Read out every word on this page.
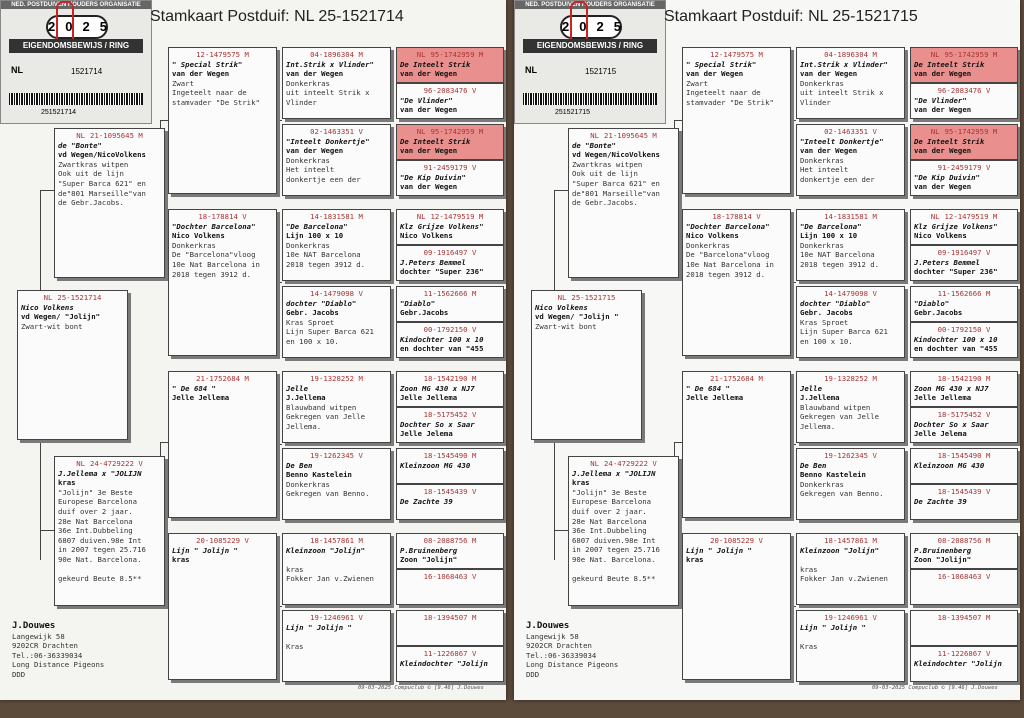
NED. POSTDUIVEN HOUDERS ORGANISATIE
2025
EIGENDOMSBEWIJS / RING
NL	1521714
251521714
Stamkaart Postduif: NL 25-1521714
NL 25-1521714
Nico Volkens
vd Wegen/ "Jolijn"
Zwart-wit bont
NL 21-1095645 M
de "Bonte"
vd Wegen/NicoVolkens
Zwartkras witpen
Ook uit de lijn
"Super Barca 621" en
de"801 Marseille"van
de Gebr.Jacobs.
NL 24-4729222 V
J.Jellema x "JOLIJN
kras
"Jolijn" 3e Beste
Europese Barcelona
duif over 2 jaar.
28e Nat Barcelona
36e Int.Dubbeling
6807 duiven.98e Int
in 2007 tegen 25.716
90e Nat. Barcelona.

gekeurd Beute 8.5**
12-1479575 M
" Special Strik"
van der Wegen
Zwart
Ingeteelt naar de
stamvader "De Strik"
18-178814 V
"Dochter Barcelona"
Nico Volkens
Donkerkras
De "Barcelona"vloog
10e Nat Barcelona in
2018 tegen 3912 d.
21-1752684 M
" De 684 "
Jelle Jellema
20-1085229 V
Lijn " Jolijn "
kras
04-1896304 M
Int.Strik x Vlinder"
van der Wegen
Donkerkras
uit inteelt Strik x
Vlinder
02-1463351 V
"Inteelt Donkertje"
van der Wegen
Donkerkras
Het inteelt
donkertje een der
14-1831581 M
"De Barcelona"
Lijn 100 x 10
Donkerkras
10e NAT Barcelona
2018 tegen 3912 d.
14-1479098 V
dochter "Diablo"
Gebr. Jacobs
Kras Sproet
Lijn Super Barca 621
en 100 x 10.
19-1328252 M
Jelle
J.Jellema
Blauwband witpen
Gekregen van Jelle
Jellema.
19-1262345 V
De Ben
Benno Kastelein
Donkerkras
Gekregen van Benno.
18-1457861 M
Kleinzoon "Jolijn"

kras
Fokker Jan v.Zwienen
19-1246961 V
Lijn " Jolijn "

Kras
NL 95-1742959 M
De Inteelt Strik
van der Wegen
96-2083476 V
"De Vlinder"
van der Wegen
NL 95-1742959 M
De Inteelt Strik
van der Wegen
91-2459179 V
"De Kip Duivin"
van der Wegen
NL 12-1479519 M
Klz Grijze Volkens"
Nico Volkens
09-1916497 V
J.Peters Bemmel
dochter "Super 236"
11-1562666 M
"Diablo"
Gebr.Jacobs
00-1792150 V
Kindochter 100 x 10
en dochter van "455
18-1542190 M
Zoon MG 430 x NJ7
Jelle Jellema
18-5175452 V
Dochter So x Saar
Jelle Jelema
18-1545490 M
Kleinzoon MG 430
18-1545439 V
De Zachte 39
08-2088756 M
P.Bruinenberg
Zoon "Jolijn"
16-1068463 V
18-1394507 M
11-1226867 V
Kleindochter "Jolijn
J.Douwes
Langewijk 58
9202CR Drachten
Tel.:06-36339034
Long Distance Pigeons
DDD
09-03-2025 Compuclub © [9.46] J.Douwes
NED. POSTDUIVEN HOUDERS ORGANISATIE
2025
EIGENDOMSBEWIJS / RING
NL	1521715
251521715
Stamkaart Postduif: NL 25-1521715
NL 25-1521715
Nico Volkens
vd Wegen/ "Jolijn "
Zwart-wit bont
NL 21-1095645 M
de "Bonte"
vd Wegen/NicoVolkens
Zwartkras witpen
Ook uit de lijn
"Super Barca 621" en
de"801 Marseille"van
de Gebr.Jacobs.
NL 24-4729222 V
J.Jellema x "JOLIJN
kras
"Jolijn" 3e Beste
Europese Barcelona
duif over 2 jaar.
28e Nat Barcelona
36e Int.Dubbeling
6807 duiven.98e Int
in 2007 tegen 25.716
90e Nat. Barcelona.

gekeurd Beute 8.5**
12-1479575 M
" Special Strik"
van der Wegen
Zwart
Ingeteelt naar de
stamvader "De Strik"
18-178814 V
"Dochter Barcelona"
Nico Volkens
Donkerkras
De "Barcelona"vloog
10e Nat Barcelona in
2018 tegen 3912 d.
21-1752684 M
" De 684 "
Jelle Jellema
20-1085229 V
Lijn " Jolijn "
kras
04-1896304 M
Int.Strik x Vlinder"
van der Wegen
Donkerkras
uit inteelt Strik x
Vlinder
02-1463351 V
"Inteelt Donkertje"
van der Wegen
Donkerkras
Het inteelt
donkertje een der
14-1831581 M
"De Barcelona"
Lijn 100 x 10
Donkerkras
10e NAT Barcelona
2018 tegen 3912 d.
14-1479098 V
dochter "Diablo"
Gebr. Jacobs
Kras Sproet
Lijn Super Barca 621
en 100 x 10.
19-1328252 M
Jelle
J.Jellema
Blauwband witpen
Gekregen van Jelle
Jellema.
19-1262345 V
De Ben
Benno Kastelein
Donkerkras
Gekregen van Benno.
18-1457861 M
Kleinzoon "Jolijn"

kras
Fokker Jan v.Zwienen
19-1246961 V
Lijn " Jolijn "

Kras
NL 95-1742959 M
De Inteelt Strik
van der Wegen
96-2083476 V
"De Vlinder"
van der Wegen
NL 95-1742959 M
De Inteelt Strik
van der Wegen
91-2459179 V
"De Kip Duivin"
van der Wegen
NL 12-1479519 M
Klz Grijze Volkens"
Nico Volkens
09-1916497 V
J.Peters Bemmel
dochter "Super 236"
11-1562666 M
"Diablo"
Gebr.Jacobs
00-1792150 V
Kindochter 100 x 10
en dochter van "455
18-1542190 M
Zoon MG 430 x NJ7
Jelle Jellema
18-5175452 V
Dochter So x Saar
Jelle Jelema
18-1545490 M
Kleinzoon MG 430
18-1545439 V
De Zachte 39
08-2088756 M
P.Bruinenberg
Zoon "Jolijn"
16-1068463 V
18-1394507 M
11-1226867 V
Kleindochter "Jolijn
J.Douwes
Langewijk 58
9202CR Drachten
Tel.:06-36339034
Long Distance Pigeons
DDD
09-03-2025 Compuclub © [9.46] J.Douwes
